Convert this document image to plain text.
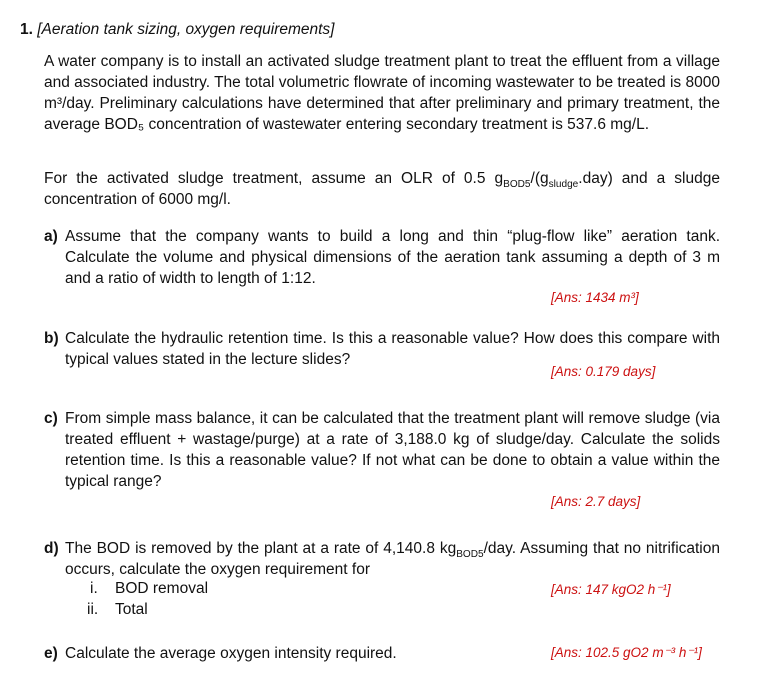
1. [Aeration tank sizing, oxygen requirements]
A water company is to install an activated sludge treatment plant to treat the effluent from a village and associated industry. The total volumetric flowrate of incoming wastewater to be treated is 8000 m³/day. Preliminary calculations have determined that after preliminary and primary treatment, the average BOD₅ concentration of wastewater entering secondary treatment is 537.6 mg/L.
For the activated sludge treatment, assume an OLR of 0.5 $g_{BOD5}/(g_{sludge}.day)$ and a sludge concentration of 6000 mg/l.
a) Assume that the company wants to build a long and thin “plug-flow like” aeration tank. Calculate the volume and physical dimensions of the aeration tank assuming a depth of 3 m and a ratio of width to length of 1:12.
[Ans: 1434 m³]
b) Calculate the hydraulic retention time. Is this a reasonable value? How does this compare with typical values stated in the lecture slides?
[Ans: 0.179 days]
c) From simple mass balance, it can be calculated that the treatment plant will remove sludge (via treated effluent + wastage/purge) at a rate of 3,188.0 kg of sludge/day. Calculate the solids retention time. Is this a reasonable value? If not what can be done to obtain a value within the typical range?
[Ans: 2.7 days]
d) The BOD is removed by the plant at a rate of 4,140.8 $kg_{BOD5}$/day. Assuming that no nitrification occurs, calculate the oxygen requirement for
i. BOD removal	[Ans: 147 kgO2 h⁻¹]
ii. Total
e) Calculate the average oxygen intensity required.	[Ans: 102.5 gO2 m⁻³ h⁻¹]
